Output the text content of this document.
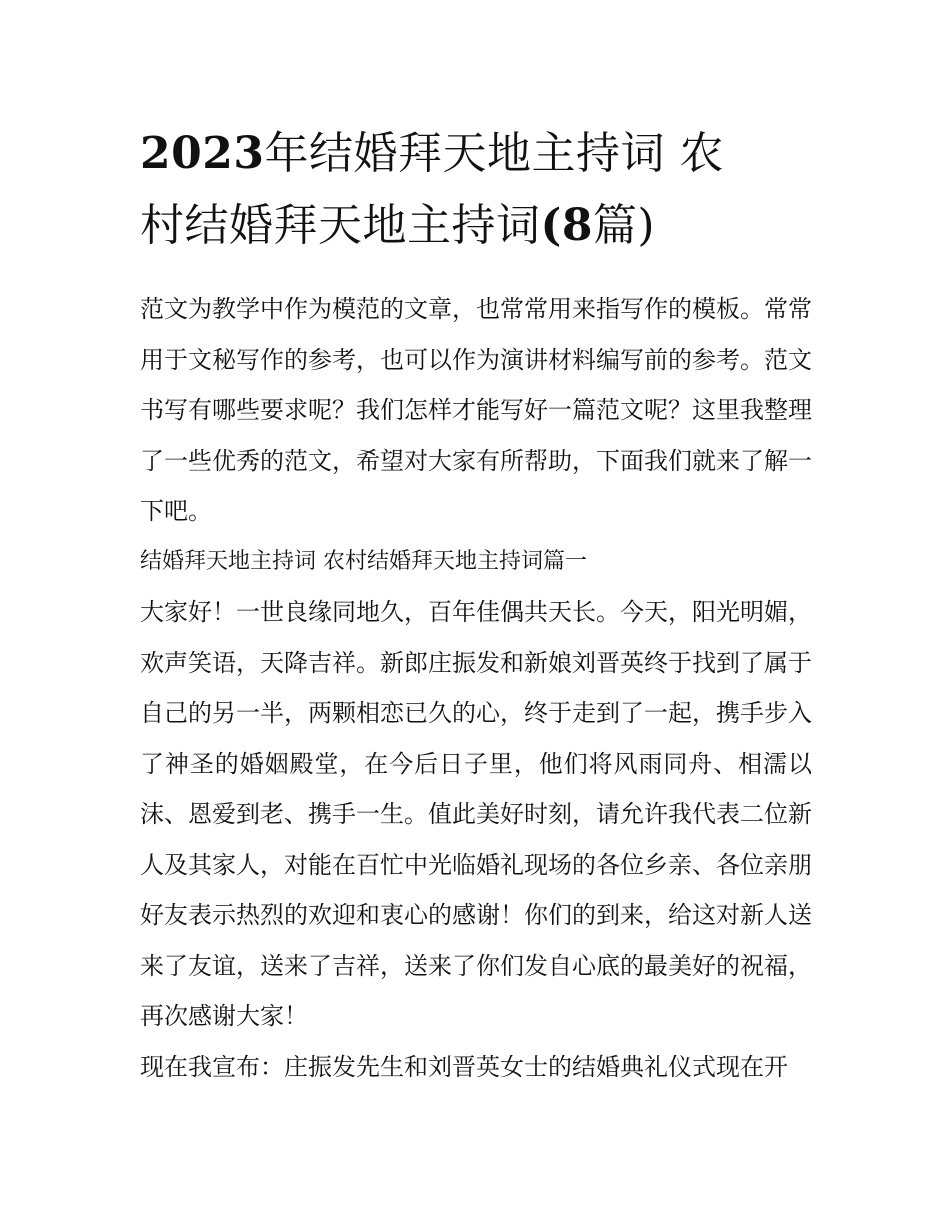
2023年结婚拜天地主持词 农
村结婚拜天地主持词(8篇)

范文为教学中作为模范的文章，也常常用来指写作的模板。常常用于文秘写作的参考，也可以作为演讲材料编写前的参考。范文书写有哪些要求呢？我们怎样才能写好一篇范文呢？这里我整理了一些优秀的范文，希望对大家有所帮助，下面我们就来了解一下吧。

结婚拜天地主持词 农村结婚拜天地主持词篇一

大家好！一世良缘同地久，百年佳偶共天长。今天，阳光明媚，欢声笑语，天降吉祥。新郎庄振发和新娘刘晋英终于找到了属于自己的另一半，两颗相恋已久的心，终于走到了一起，携手步入了神圣的婚姻殿堂，在今后日子里，他们将风雨同舟、相濡以沫、恩爱到老、携手一生。值此美好时刻，请允许我代表二位新人及其家人，对能在百忙中光临婚礼现场的各位乡亲、各位亲朋好友表示热烈的欢迎和衷心的感谢！你们的到来，给这对新人送来了友谊，送来了吉祥，送来了你们发自心底的最美好的祝福，再次感谢大家！

现在我宣布：庄振发先生和刘晋英女士的结婚典礼仪式现在开
